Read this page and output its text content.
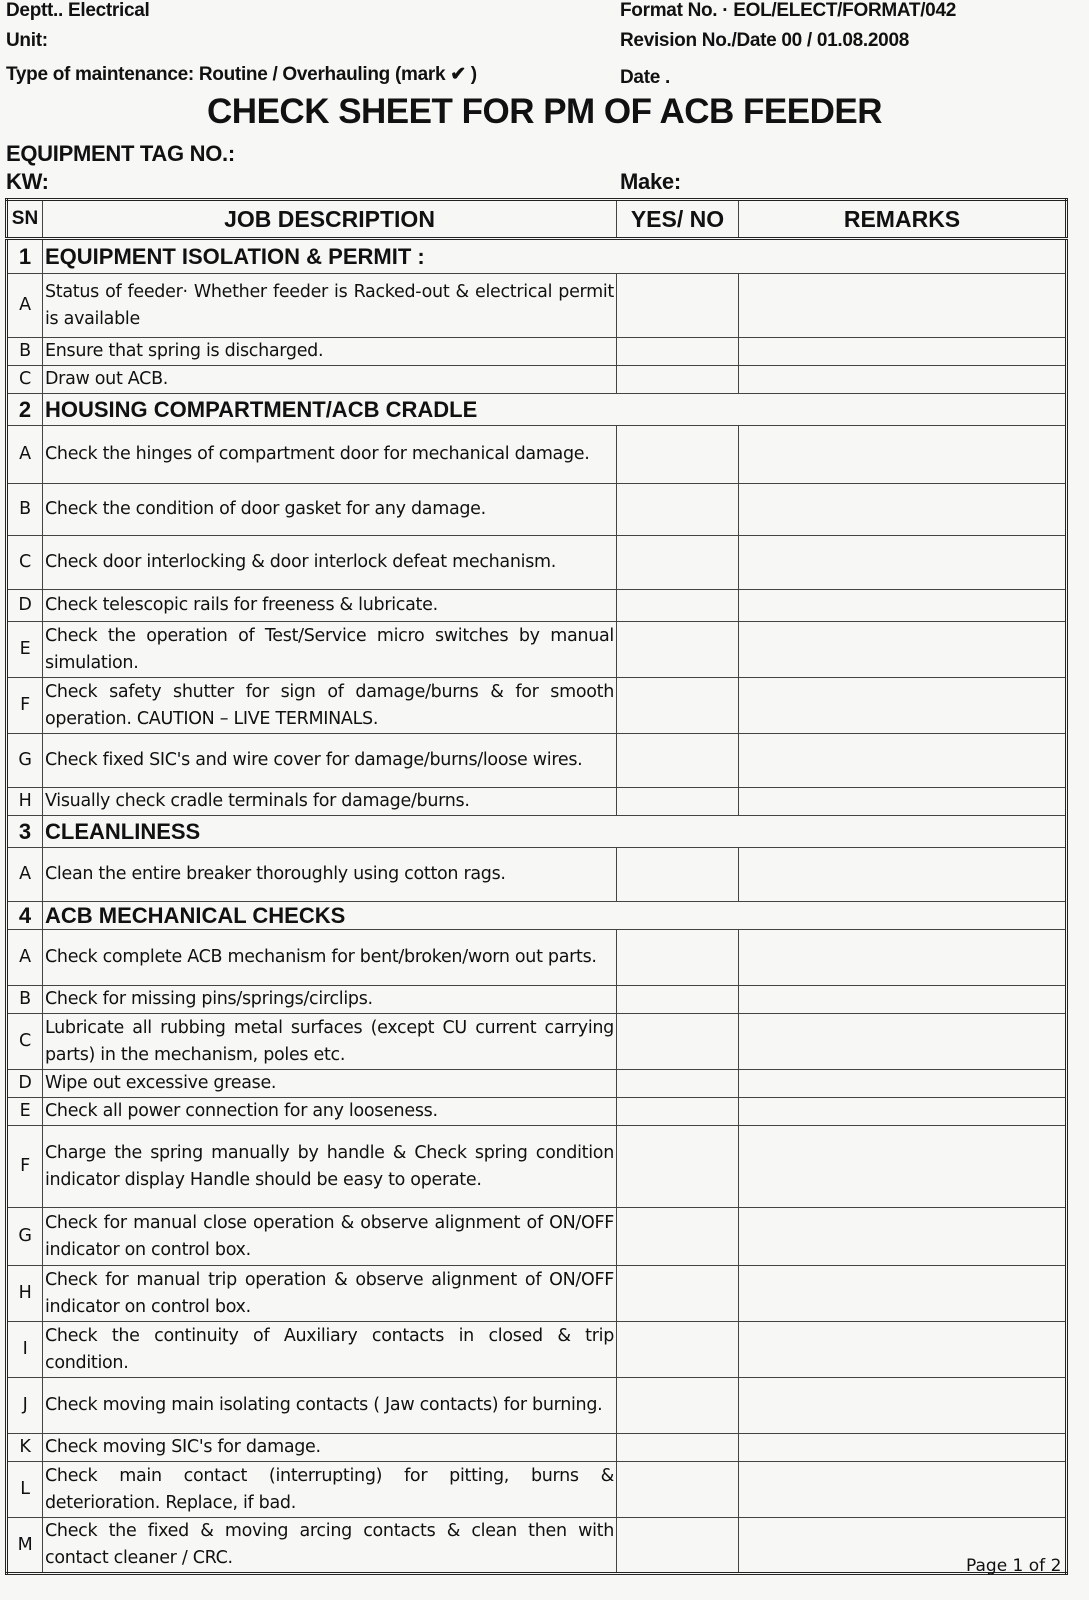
Deptt.. Electrical
Unit:
Type of maintenance: Routine / Overhauling (mark ✔ )
Format No. · EOL/ELECT/FORMAT/042
Revision No./Date 00 / 01.08.2008
Date .
CHECK SHEET FOR PM OF ACB FEEDER
EQUIPMENT TAG NO.:
KW:	Make:
SN	JOB DESCRIPTION	YES/ NO	REMARKS
1	EQUIPMENT ISOLATION & PERMIT :		
A	Status of feeder· Whether feeder is Racked-out & electrical permit is available		
B	Ensure that spring is discharged.		
C	Draw out ACB.		
2	HOUSING COMPARTMENT/ACB CRADLE		
A	Check the hinges of compartment door for mechanical damage.		
B	Check the condition of door gasket for any damage.		
C	Check door interlocking & door interlock defeat mechanism.		
D	Check telescopic rails for freeness & lubricate.		
E	Check the operation of Test/Service micro switches by manual simulation.		
F	Check safety shutter for sign of damage/burns & for smooth operation. CAUTION – LIVE TERMINALS.		
G	Check fixed SIC's and wire cover for damage/burns/loose wires.		
H	Visually check cradle terminals for damage/burns.		
3	CLEANLINESS		
A	Clean the entire breaker thoroughly using cotton rags.		
4	ACB MECHANICAL CHECKS		
A	Check complete ACB mechanism for bent/broken/worn out parts.		
B	Check for missing pins/springs/circlips.		
C	Lubricate all rubbing metal surfaces (except CU current carrying parts) in the mechanism, poles etc.		
D	Wipe out excessive grease.		
E	Check all power connection for any looseness.		
F	Charge the spring manually by handle & Check spring condition indicator display Handle should be easy to operate.		
G	Check for manual close operation & observe alignment of ON/OFF indicator on control box.		
H	Check for manual trip operation & observe alignment of ON/OFF indicator on control box.		
I	Check the continuity of Auxiliary contacts in closed & trip condition.		
J	Check moving main isolating contacts ( Jaw contacts) for burning.		
K	Check moving SIC's for damage.		
L	Check main contact (interrupting) for pitting, burns & deterioration. Replace, if bad.		
M	Check the fixed & moving arcing contacts & clean then with contact cleaner / CRC.			Page 1 of 2
